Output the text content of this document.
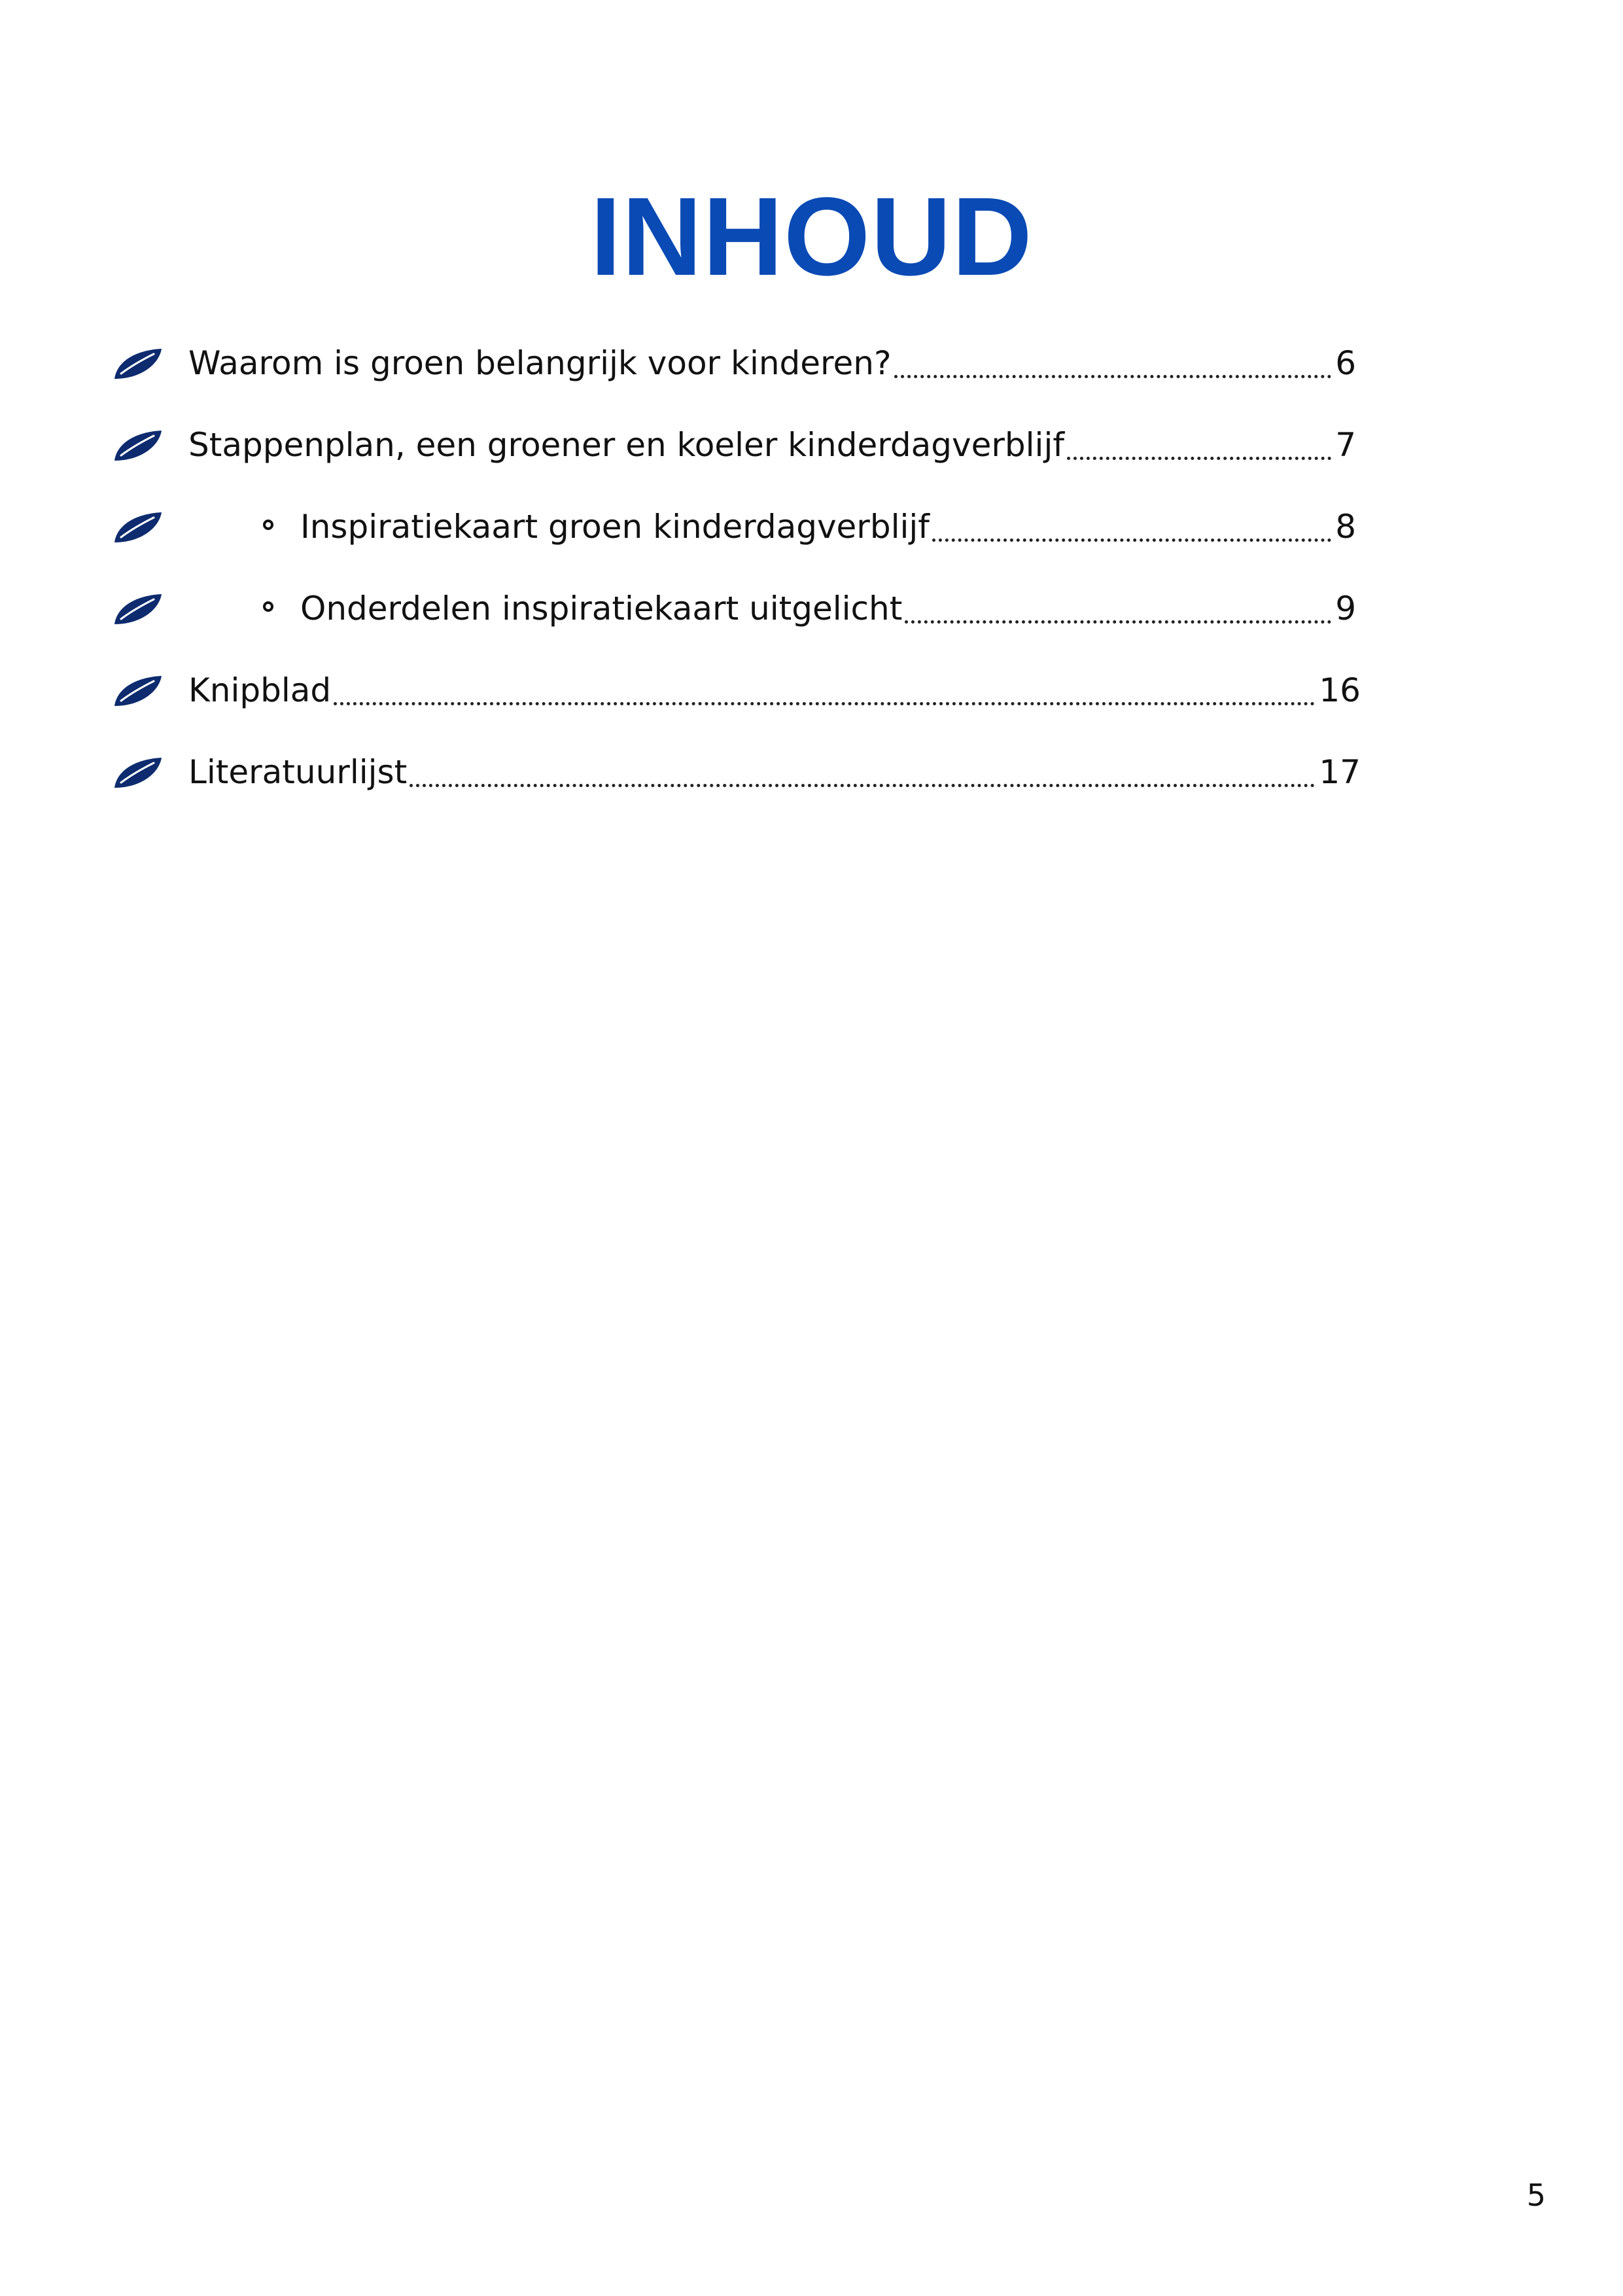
INHOUD
Waarom is groen belangrijk voor kinderen?	6
Stappenplan, een groener en koeler kinderdagverblijf	7
Inspiratiekaart groen kinderdagverblijf	8
Onderdelen inspiratiekaart uitgelicht	9
Knipblad	16
Literatuurlijst	17
5
